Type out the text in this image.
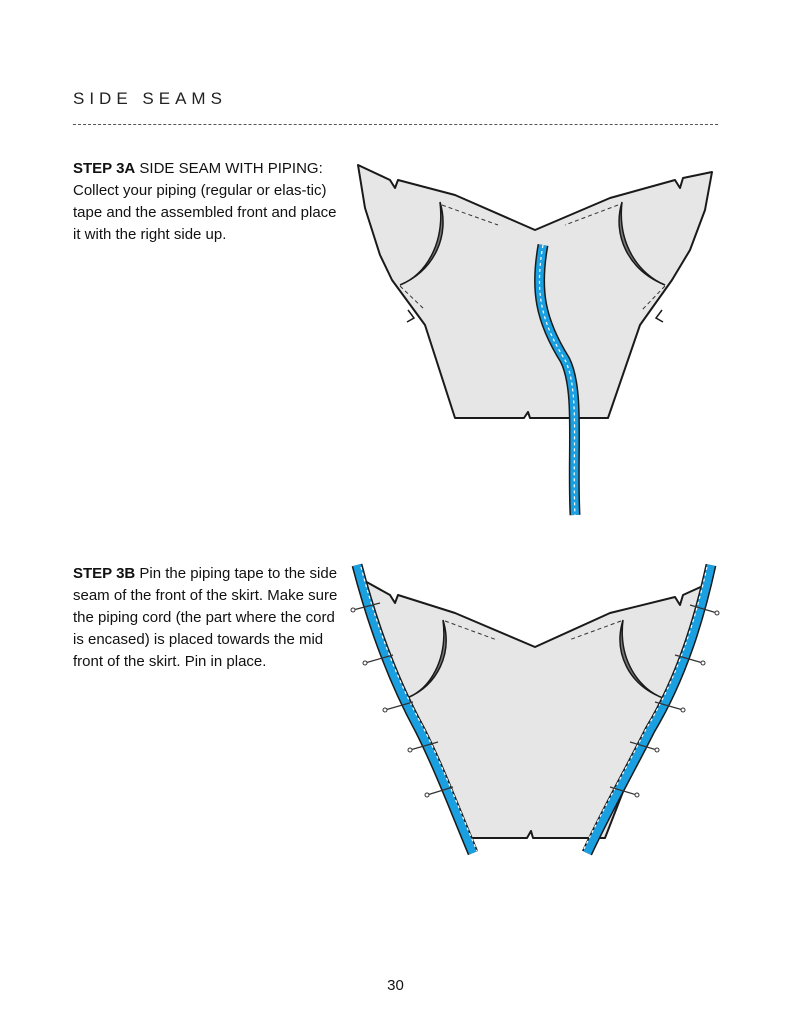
SIDE SEAMS
STEP 3A SIDE SEAM WITH PIPING: Collect your piping (regular or elas-tic) tape and the assembled front and place it with the right side up.
STEP 3B Pin the piping tape to the side seam of the front of the skirt. Make sure the piping cord (the part where the cord is encased) is placed towards the mid front of the skirt. Pin in place.
30
